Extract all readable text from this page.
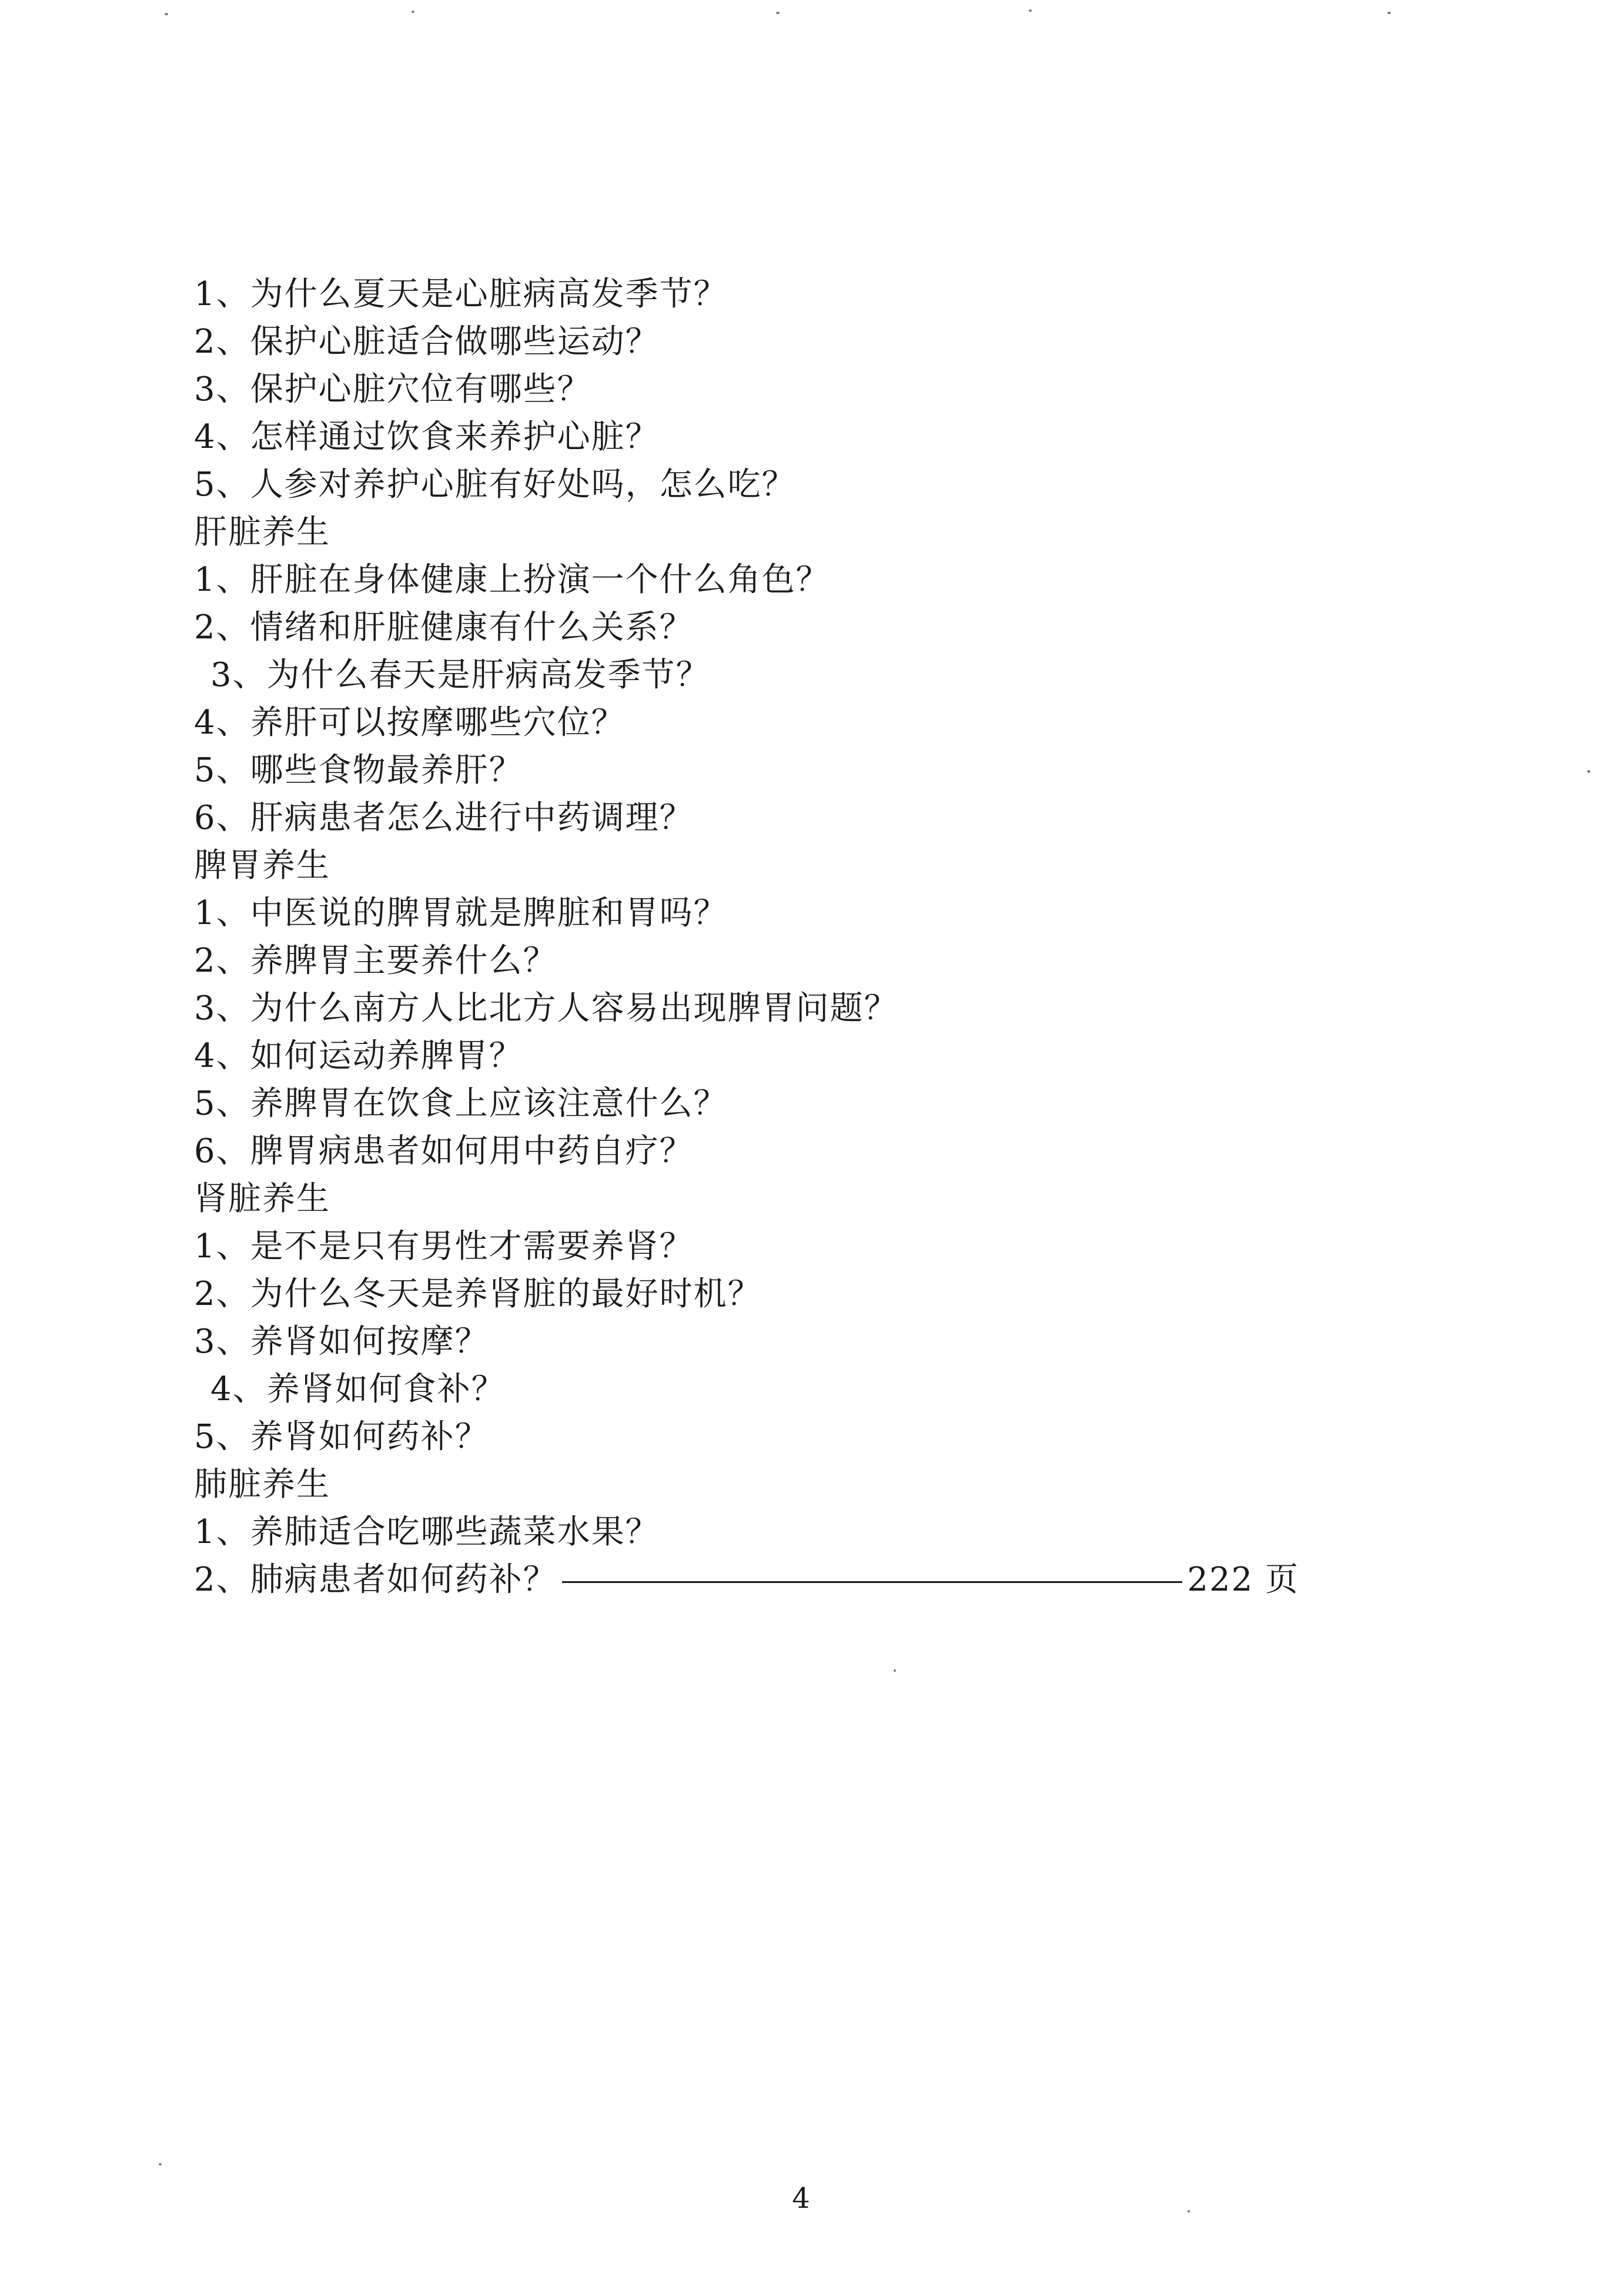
1、为什么夏天是心脏病高发季节？
2、保护心脏适合做哪些运动？
3、保护心脏穴位有哪些？
4、怎样通过饮食来养护心脏？
5、人参对养护心脏有好处吗，怎么吃？
肝脏养生
1、肝脏在身体健康上扮演一个什么角色？
2、情绪和肝脏健康有什么关系？
3、为什么春天是肝病高发季节？
4、养肝可以按摩哪些穴位？
5、哪些食物最养肝？
6、肝病患者怎么进行中药调理？
脾胃养生
1、中医说的脾胃就是脾脏和胃吗？
2、养脾胃主要养什么？
3、为什么南方人比北方人容易出现脾胃问题？
4、如何运动养脾胃？
5、养脾胃在饮食上应该注意什么？
6、脾胃病患者如何用中药自疗？
肾脏养生
1、是不是只有男性才需要养肾？
2、为什么冬天是养肾脏的最好时机？
3、养肾如何按摩？
4、养肾如何食补？
5、养肾如何药补？
肺脏养生
1、养肺适合吃哪些蔬菜水果？
2、肺病患者如何药补？	222 页
4
